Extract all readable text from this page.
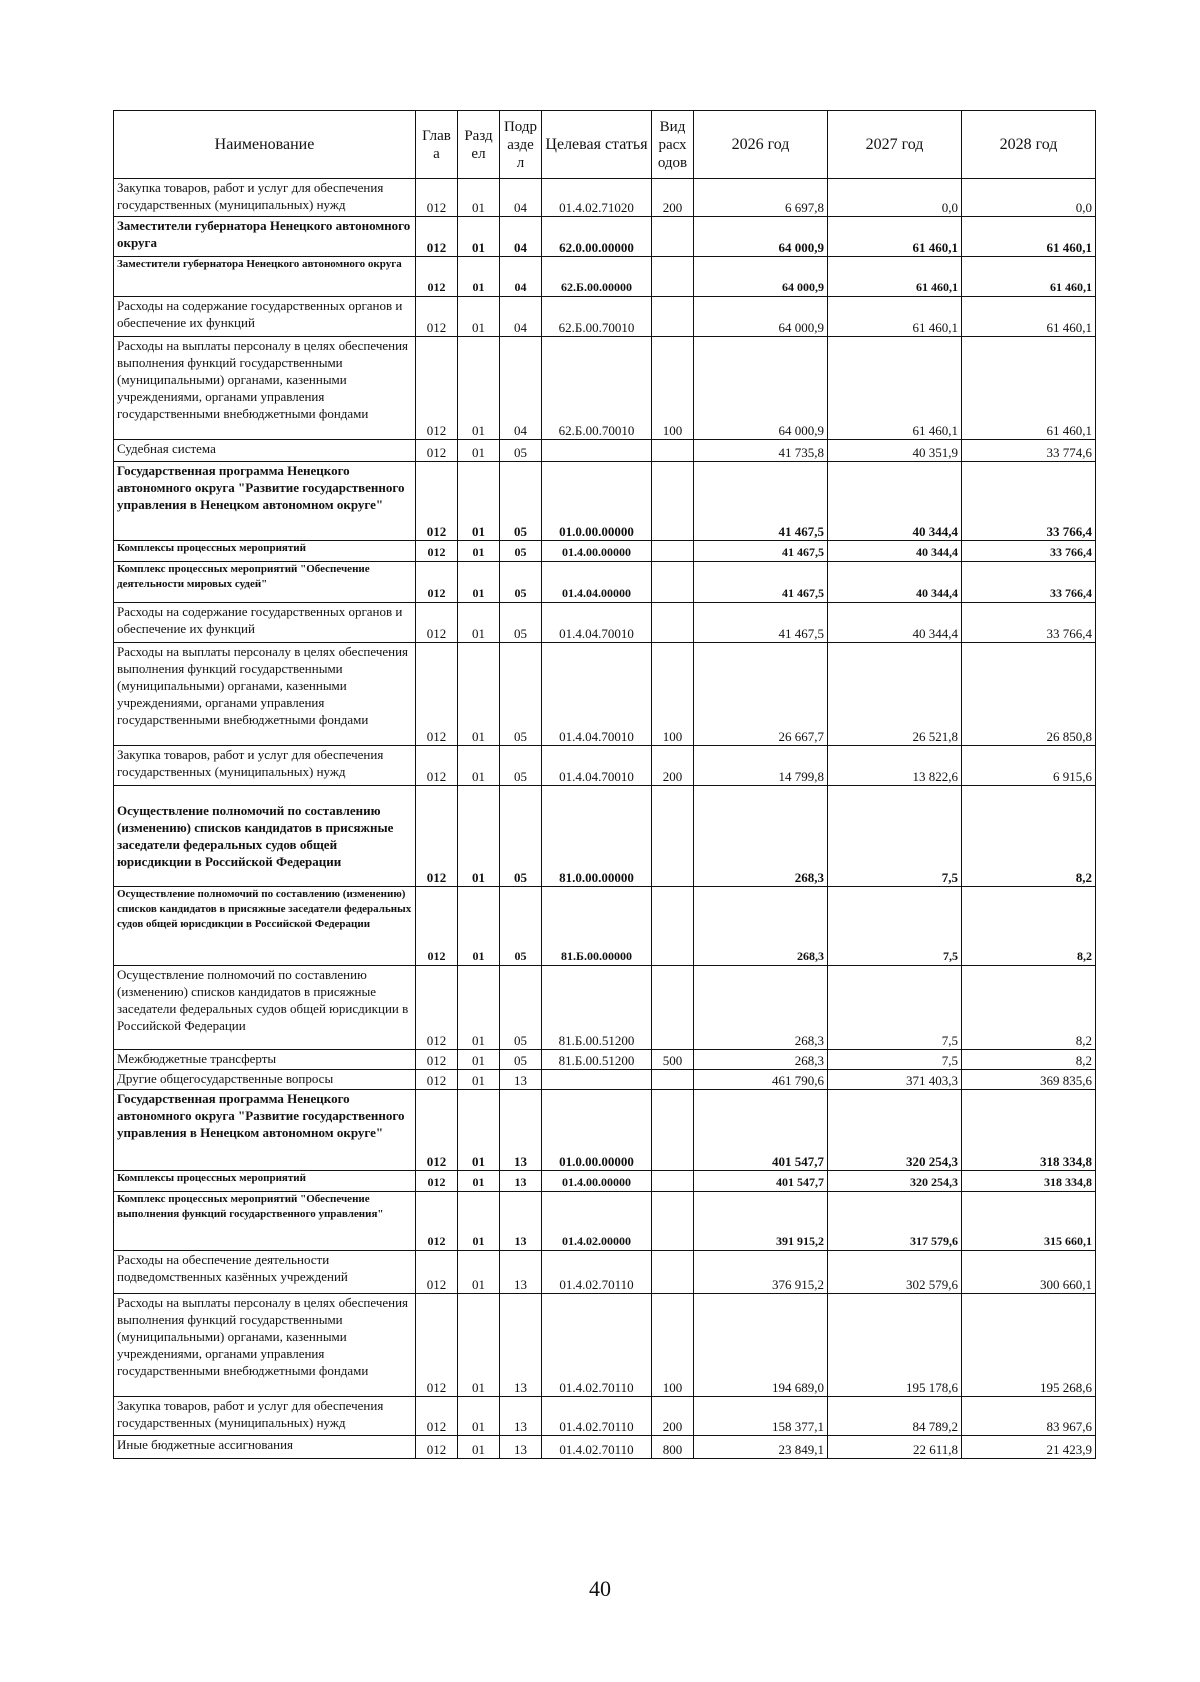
Наименование	Глав а	Разд ел	Подр азде л	Целевая статья	Вид расх одов	2026 год	2027 год	2028 год
Закупка товаров, работ и услуг для обеспечения государственных (муниципальных) нужд	012	01	04	01.4.02.71020	200	6 697,8	0,0	0,0
Заместители губернатора Ненецкого автономного округа	012	01	04	62.0.00.00000		64 000,9	61 460,1	61 460,1
Заместители губернатора Ненецкого автономного округа	012	01	04	62.Б.00.00000		64 000,9	61 460,1	61 460,1
Расходы на содержание государственных органов и обеспечение их функций	012	01	04	62.Б.00.70010		64 000,9	61 460,1	61 460,1
Расходы на выплаты персоналу в целях обеспечения выполнения функций государственными (муниципальными) органами, казенными учреждениями, органами управления государственными внебюджетными фондами	012	01	04	62.Б.00.70010	100	64 000,9	61 460,1	61 460,1
Судебная система	012	01	05			41 735,8	40 351,9	33 774,6
Государственная программа Ненецкого автономного округа "Развитие государственного управления в Ненецком автономном округе"	012	01	05	01.0.00.00000		41 467,5	40 344,4	33 766,4
Комплексы процессных мероприятий	012	01	05	01.4.00.00000		41 467,5	40 344,4	33 766,4
Комплекс процессных мероприятий "Обеспечение деятельности мировых судей"	012	01	05	01.4.04.00000		41 467,5	40 344,4	33 766,4
Расходы на содержание государственных органов и обеспечение их функций	012	01	05	01.4.04.70010		41 467,5	40 344,4	33 766,4
Расходы на выплаты персоналу в целях обеспечения выполнения функций государственными (муниципальными) органами, казенными учреждениями, органами управления государственными внебюджетными фондами	012	01	05	01.4.04.70010	100	26 667,7	26 521,8	26 850,8
Закупка товаров, работ и услуг для обеспечения государственных (муниципальных) нужд	012	01	05	01.4.04.70010	200	14 799,8	13 822,6	6 915,6
Осуществление полномочий по составлению (изменению) списков кандидатов в присяжные заседатели федеральных судов общей юрисдикции в Российской Федерации	012	01	05	81.0.00.00000		268,3	7,5	8,2
Осуществление полномочий по составлению (изменению) списков кандидатов в присяжные заседатели федеральных судов общей юрисдикции в Российской Федерации	012	01	05	81.Б.00.00000		268,3	7,5	8,2
Осуществление полномочий по составлению (изменению) списков кандидатов в присяжные заседатели федеральных судов общей юрисдикции в Российской Федерации	012	01	05	81.Б.00.51200		268,3	7,5	8,2
Межбюджетные трансферты	012	01	05	81.Б.00.51200	500	268,3	7,5	8,2
Другие общегосударственные вопросы	012	01	13			461 790,6	371 403,3	369 835,6
Государственная программа Ненецкого автономного округа "Развитие государственного управления в Ненецком автономном округе"	012	01	13	01.0.00.00000		401 547,7	320 254,3	318 334,8
Комплексы процессных мероприятий	012	01	13	01.4.00.00000		401 547,7	320 254,3	318 334,8
Комплекс процессных мероприятий "Обеспечение выполнения функций государственного управления"	012	01	13	01.4.02.00000		391 915,2	317 579,6	315 660,1
Расходы на обеспечение деятельности подведомственных казённых учреждений	012	01	13	01.4.02.70110		376 915,2	302 579,6	300 660,1
Расходы на выплаты персоналу в целях обеспечения выполнения функций государственными (муниципальными) органами, казенными учреждениями, органами управления государственными внебюджетными фондами	012	01	13	01.4.02.70110	100	194 689,0	195 178,6	195 268,6
Закупка товаров, работ и услуг для обеспечения государственных (муниципальных) нужд	012	01	13	01.4.02.70110	200	158 377,1	84 789,2	83 967,6
Иные бюджетные ассигнования	012	01	13	01.4.02.70110	800	23 849,1	22 611,8	21 423,9
40
